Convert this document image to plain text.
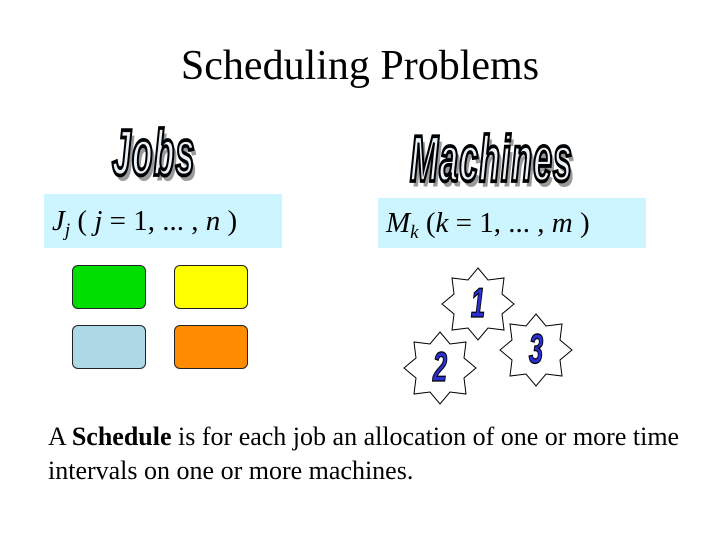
Scheduling Problems
Jobs	Machines
$J_j$ ( j = 1, ... , n )	$M_k$ (k = 1, ... , m )
1
2	3
A Schedule is for each job an allocation of one or more time intervals on one or more machines.
